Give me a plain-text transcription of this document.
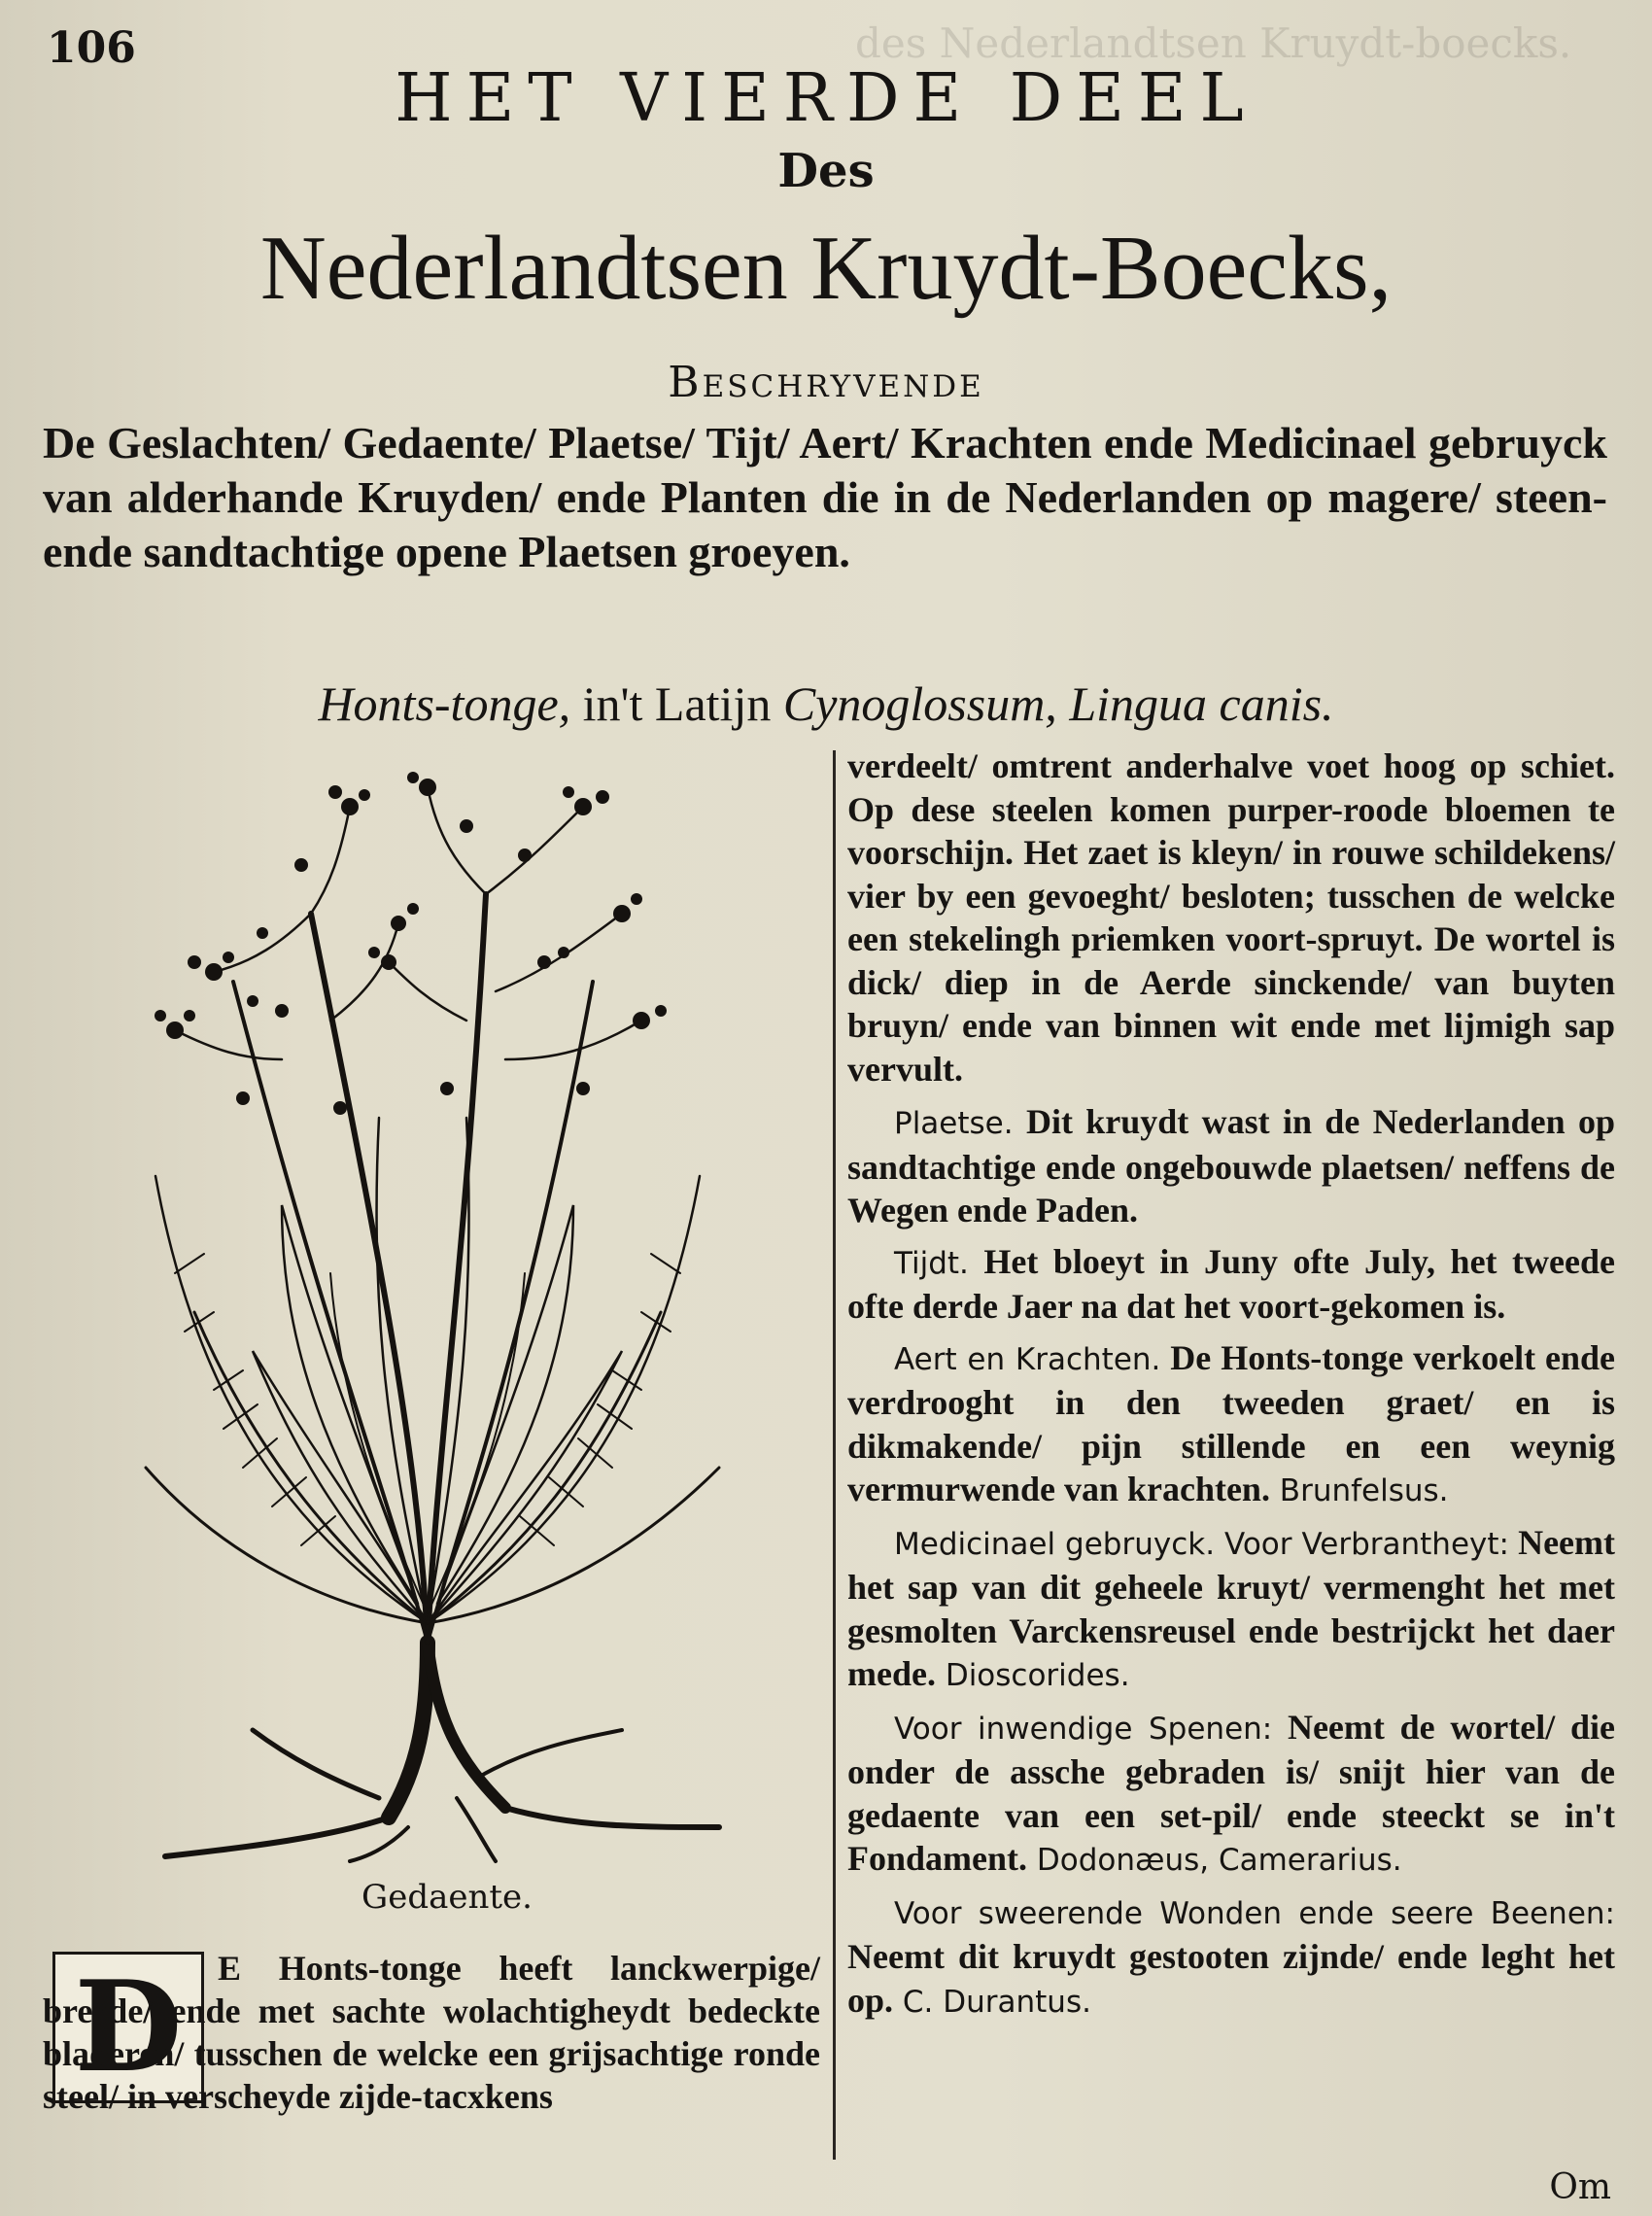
des Nederlandtsen Kruydt-boecks.
106
HET VIERDE DEEL
Des
Nederlandtsen Kruydt-Boecks,
Beschryvende
De Geslachten/ Gedaente/ Plaetse/ Tijt/ Aert/ Krachten ende Medicinael gebruyck van alderhande Kruyden/ ende Planten die in de Nederlanden op magere/ steen- ende sandtachtige opene Plaetsen groeyen.
Honts-tonge, in't Latijn Cynoglossum, Lingua canis.
Gedaente.
D	E Honts-tonge heeft lanckwerpige/ breede/ ende met sachte wolachtigheydt bedeckte bladeren/ tusschen de welcke een grijsachtige ronde steel/ in verscheyde zijde-tacxkens

verdeelt/ omtrent anderhalve voet hoog op schiet. Op dese steelen komen purper-roode bloemen te voorschijn. Het zaet is kleyn/ in rouwe schildekens/ vier by een gevoeght/ besloten; tusschen de welcke een stekelingh priemken voort-spruyt. De wortel is dick/ diep in de Aerde sinckende/ van buyten bruyn/ ende van binnen wit ende met lijmigh sap vervult.

Plaetse. Dit kruydt wast in de Nederlanden op sandtachtige ende ongebouwde plaetsen/ neffens de Wegen ende Paden.

Tijdt. Het bloeyt in Juny ofte July, het tweede ofte derde Jaer na dat het voort-gekomen is.

Aert en Krachten. De Honts-tonge verkoelt ende verdrooght in den tweeden graet/ en is dikmakende/ pijn stillende en een weynig vermurwende van krachten. Brunfelsus.

Medicinael gebruyck. Voor Verbrantheyt: Neemt het sap van dit geheele kruyt/ vermenght het met gesmolten Varckensreusel ende bestrijckt het daer mede. Dioscorides.

Voor inwendige Spenen: Neemt de wortel/ die onder de assche gebraden is/ snijt hier van de gedaente van een set-pil/ ende steeckt se in't Fondament. Dodonæus, Camerarius.

Voor sweerende Wonden ende seere Beenen: Neemt dit kruydt gestooten zijnde/ ende leght het op. C. Durantus.

Om
